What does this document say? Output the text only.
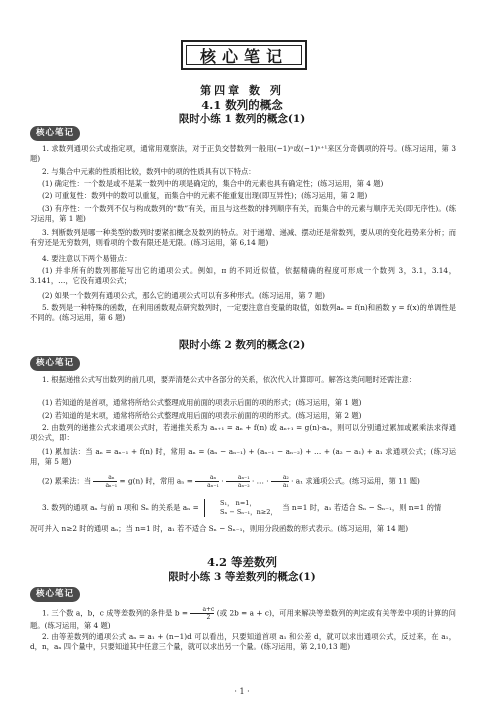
核心笔记
第四章 数 列
4.1 数列的概念
限时小练 1 数列的概念(1)
核心笔记
1. 求数列通项公式或指定项，通常用观察法，对于正负交替数列一般用(−1)ⁿ或(−1)ⁿ⁺¹来区分奇偶项的符号。(练习运用，第 3 题)
2. 与集合中元素的性质相比较，数列中的项的性质具有以下特点：
(1) 确定性：一个数是或不是某一数列中的项是确定的，集合中的元素也具有确定性；(练习运用，第 4 题)
(2) 可重复性：数列中的数可以重复，而集合中的元素不能重复出现(即互异性)；(练习运用，第 2 题)
(3) 有序性：一个数列不仅与构成数列的“数”有关，而且与这些数的排列顺序有关，而集合中的元素与顺序无关(即无序性)。(练习运用，第 1 题)
3. 判断数列是哪一种类型的数列时要紧扣概念及数列的特点。对于递增、递减、摆动还是常数列，要从项的变化趋势来分析；而有穷还是无穷数列，则看项的个数有限还是无限。(练习运用，第 6,14 题)
4. 要注意以下两个易错点：
(1) 并非所有的数列都能写出它的通项公式。例如，π 的不同近似值，依据精确的程度可形成一个数列 3，3.1，3.14，3.141，…，它没有通项公式；
(2) 如果一个数列有通项公式，那么它的通项公式可以有多种形式。(练习运用，第 7 题)
5. 数列是一种特殊的函数，在利用函数观点研究数列时，一定要注意自变量的取值，如数列aₙ = f(n)和函数 y = f(x)的单调性是不同的。(练习运用，第 6 题)
限时小练 2 数列的概念(2)
核心笔记
1. 根据递推公式写出数列的前几项，要弄清楚公式中各部分的关系，依次代入计算即可。解答这类问题时还需注意：
(1) 若知道的是首项，通常将所给公式整理成用前面的项表示后面的项的形式；(练习运用，第 1 题)
(2) 若知道的是末项，通常将所给公式整理成用后面的项表示前面的项的形式。(练习运用，第 2 题)
2. 由数列的递推公式求通项公式时，若递推关系为 aₙ₊₁ = aₙ + f(n) 或 aₙ₊₁ = g(n)·aₙ，则可以分别通过累加或累乘法求得通项公式，即：
(1) 累加法：当 aₙ = aₙ₋₁ + f(n) 时，常用 aₙ = (aₙ − aₙ₋₁) + (aₙ₋₁ − aₙ₋₂) + … + (a₂ − a₁) + a₁ 求通项公式；(练习运用，第 5 题)
(2) 累乘法：当 $\frac{\text{aₙ}}{\text{aₙ₋₁}} = g(n)$ 时，常用 $a_n = \frac{\text{aₙ}}{\text{aₙ₋₁}} \cdot \frac{\text{aₙ₋₁}}{\text{aₙ₋₂}}$ · … · $\frac{\text{a₂}}{\text{a₁}} \cdot a_1$ 求通项公式。(练习运用，第 11 题)
3. 数列的通项 aₙ 与前 n 项和 Sₙ 的关系是 aₙ =	S₁， n=1，
Sₙ − Sₙ₋₁，n≥2， 当 n=1 时，a₁ 若适合 Sₙ − Sₙ₋₁，则 n=1 的情
况可并入 n≥2 时的通项 aₙ；当 n=1 时，a₁ 若不适合 Sₙ − Sₙ₋₁，则用分段函数的形式表示。(练习运用，第 14 题)
4.2 等差数列
限时小练 3 等差数列的概念(1)
核心笔记
1. 三个数 a，b，c 成等差数列的条件是 $b = \frac{a+c}{2}$ (或 2b = a + c)，可用来解决等差数列的判定或有关等差中项的计算的问题。(练习运用，第 4 题)
2. 由等差数列的通项公式 aₙ = a₁ + (n−1)d 可以看出，只要知道首项 a₁ 和公差 d，就可以求出通项公式，反过来，在 a₁，d，n，aₙ 四个量中，只要知道其中任意三个量，就可以求出另一个量。(练习运用，第 2,10,13 题)
· 1 ·
